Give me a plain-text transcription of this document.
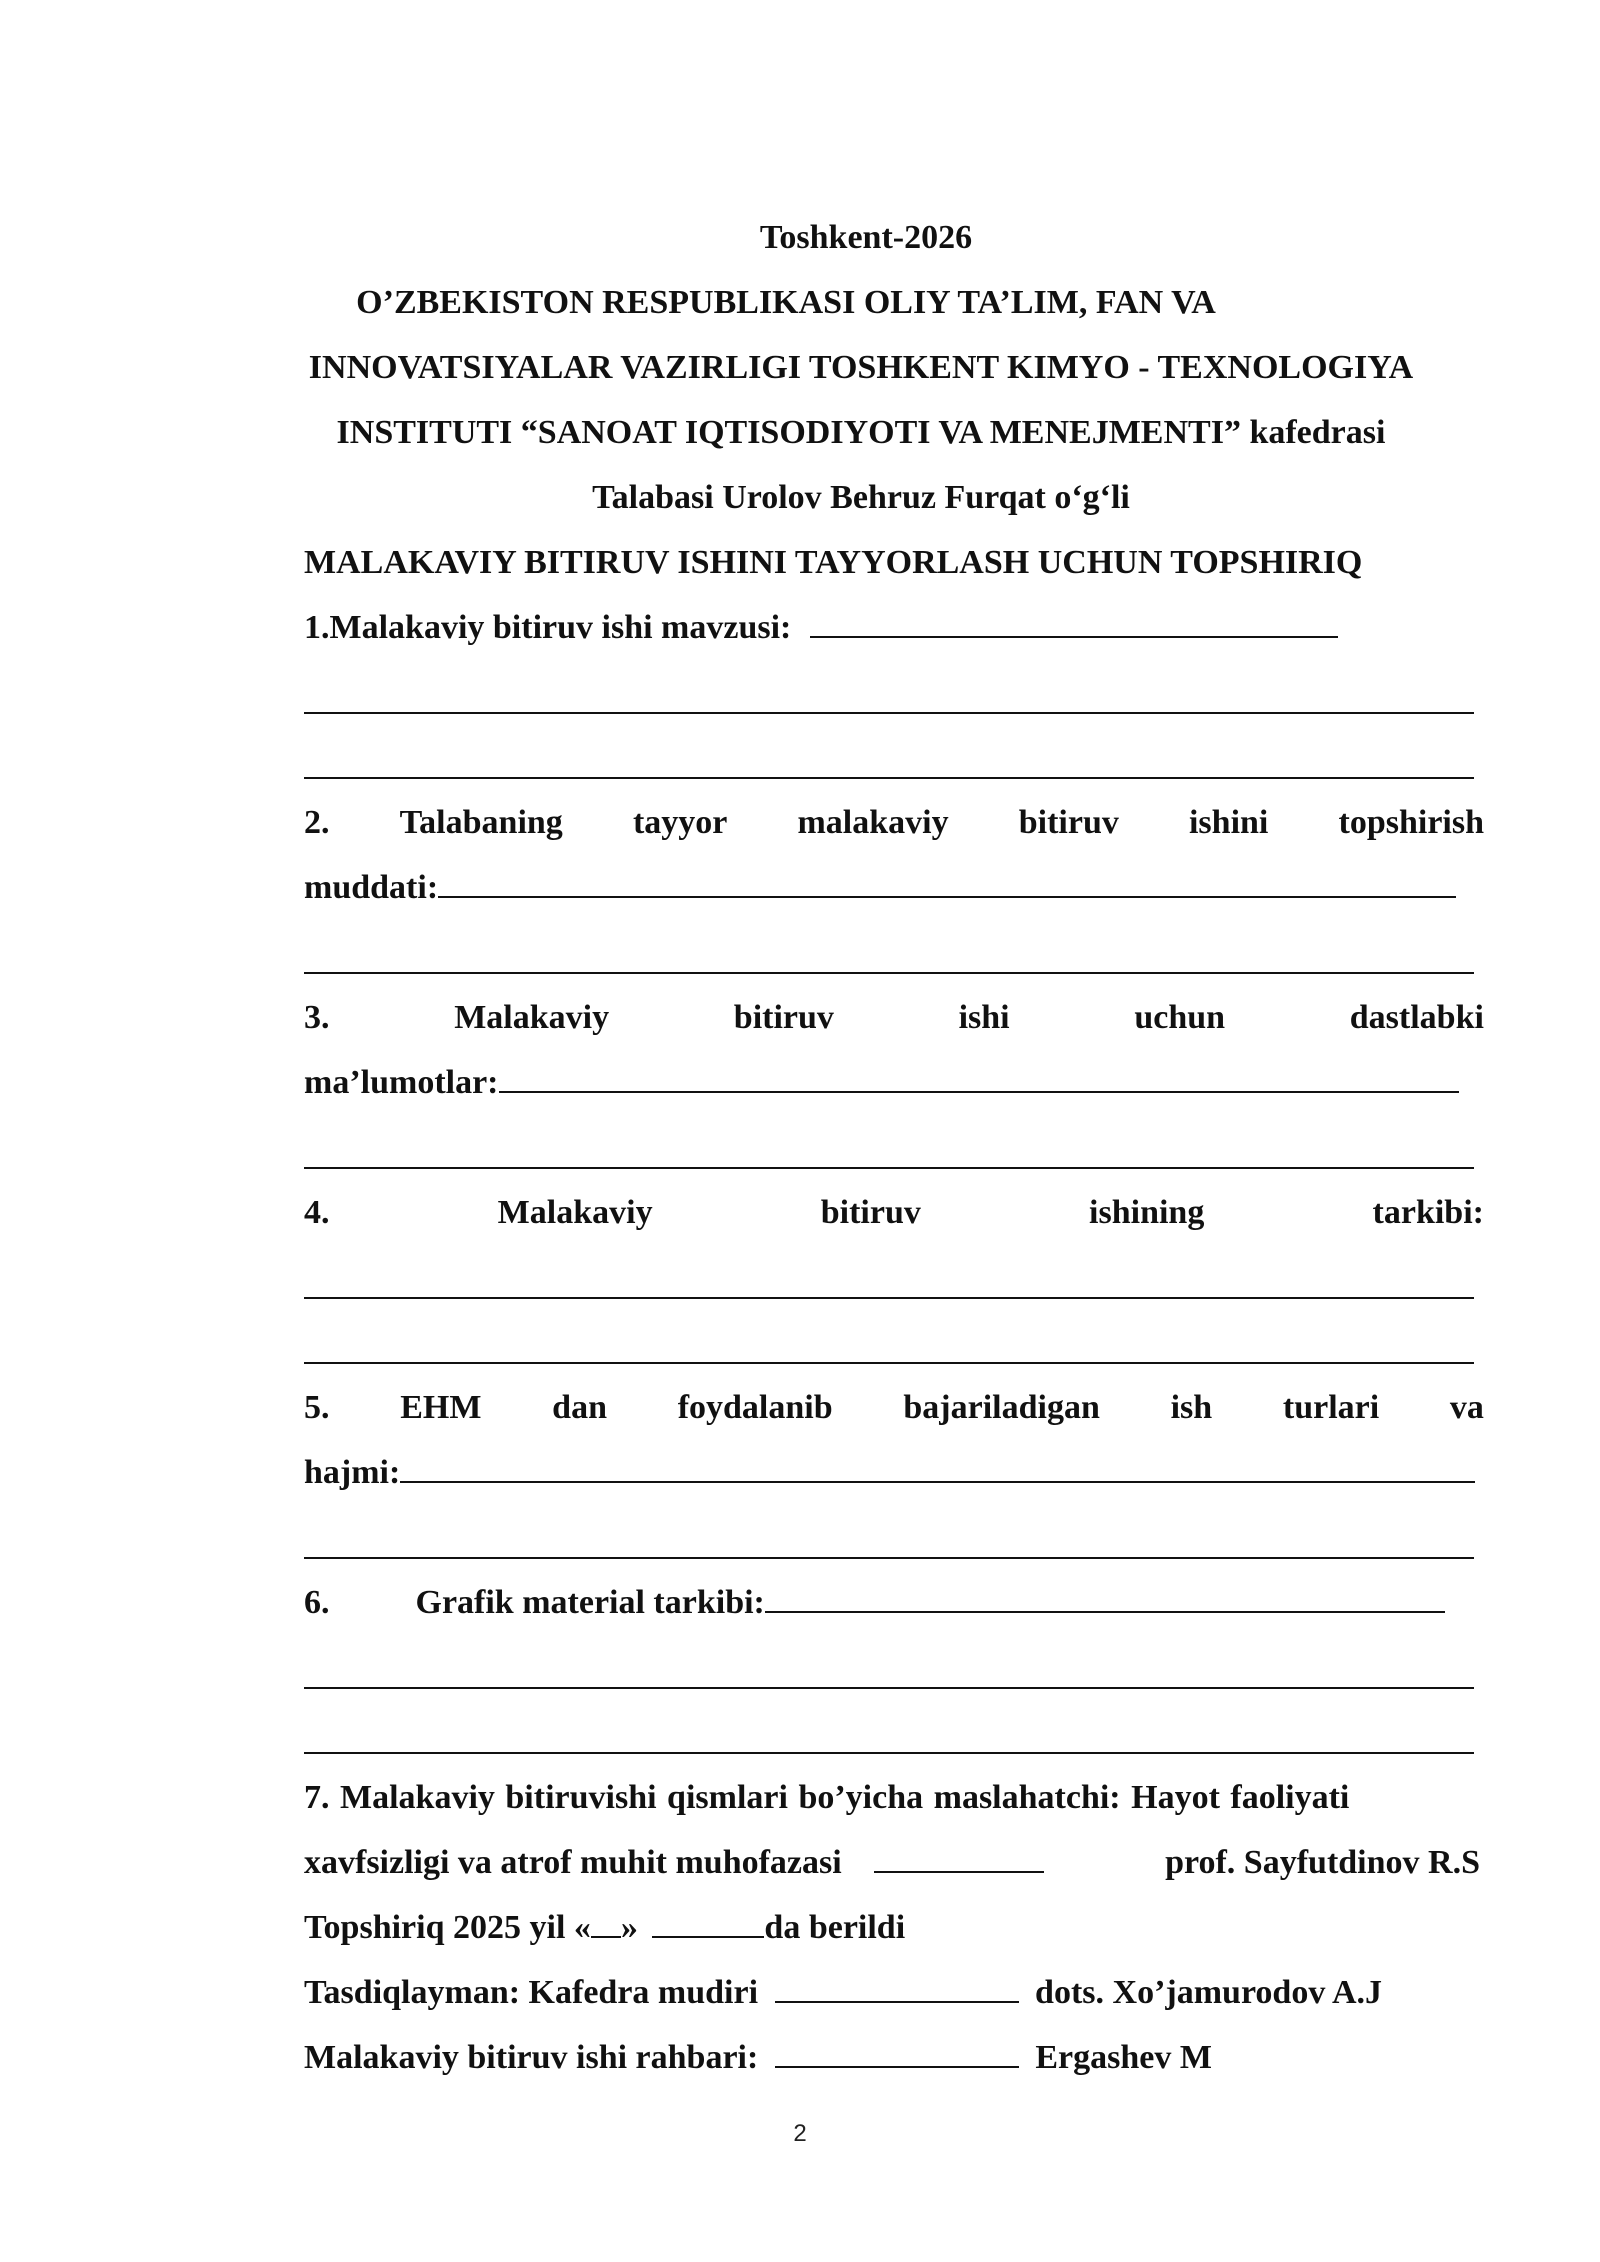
Toshkent-2026
O’ZBEKISTON RESPUBLIKASI OLIY TA’LIM, FAN VA
INNOVATSIYALAR VAZIRLIGI TOSHKENT KIMYO - TEXNOLOGIYA
INSTITUTI “SANOAT IQTISODIYOTI VA MENEJMENTI” kafedrasi
Talabasi Urolov Behruz Furqat o‘g‘li
MALAKAVIY BITIRUV ISHINI TAYYORLASH UCHUN TOPSHIRIQ
1.Malakaviy bitiruv ishi mavzusi:
2. Talabaning tayyor malakaviy bitiruv ishini topshirish
muddati:
3.	Malakaviy	bitiruv	ishi	uchun	dastlabki
ma’lumotlar:
4.	Malakaviy	bitiruv	ishining	tarkibi:
5. EHM dan foydalanib bajariladigan ish turlari va
hajmi:
6.	Grafik material tarkibi:
7. Malakaviy bitiruvishi qismlari bo’yicha maslahatchi: Hayot faoliyati
xavfsizligi va atrof muhit muhofazasi	prof. Sayfutdinov R.S
Topshiriq 2025 yil « »	da berildi
Tasdiqlayman: Kafedra mudiri	dots. Xo’jamurodov A.J
Malakaviy bitiruv ishi rahbari:	Ergashev M
2
